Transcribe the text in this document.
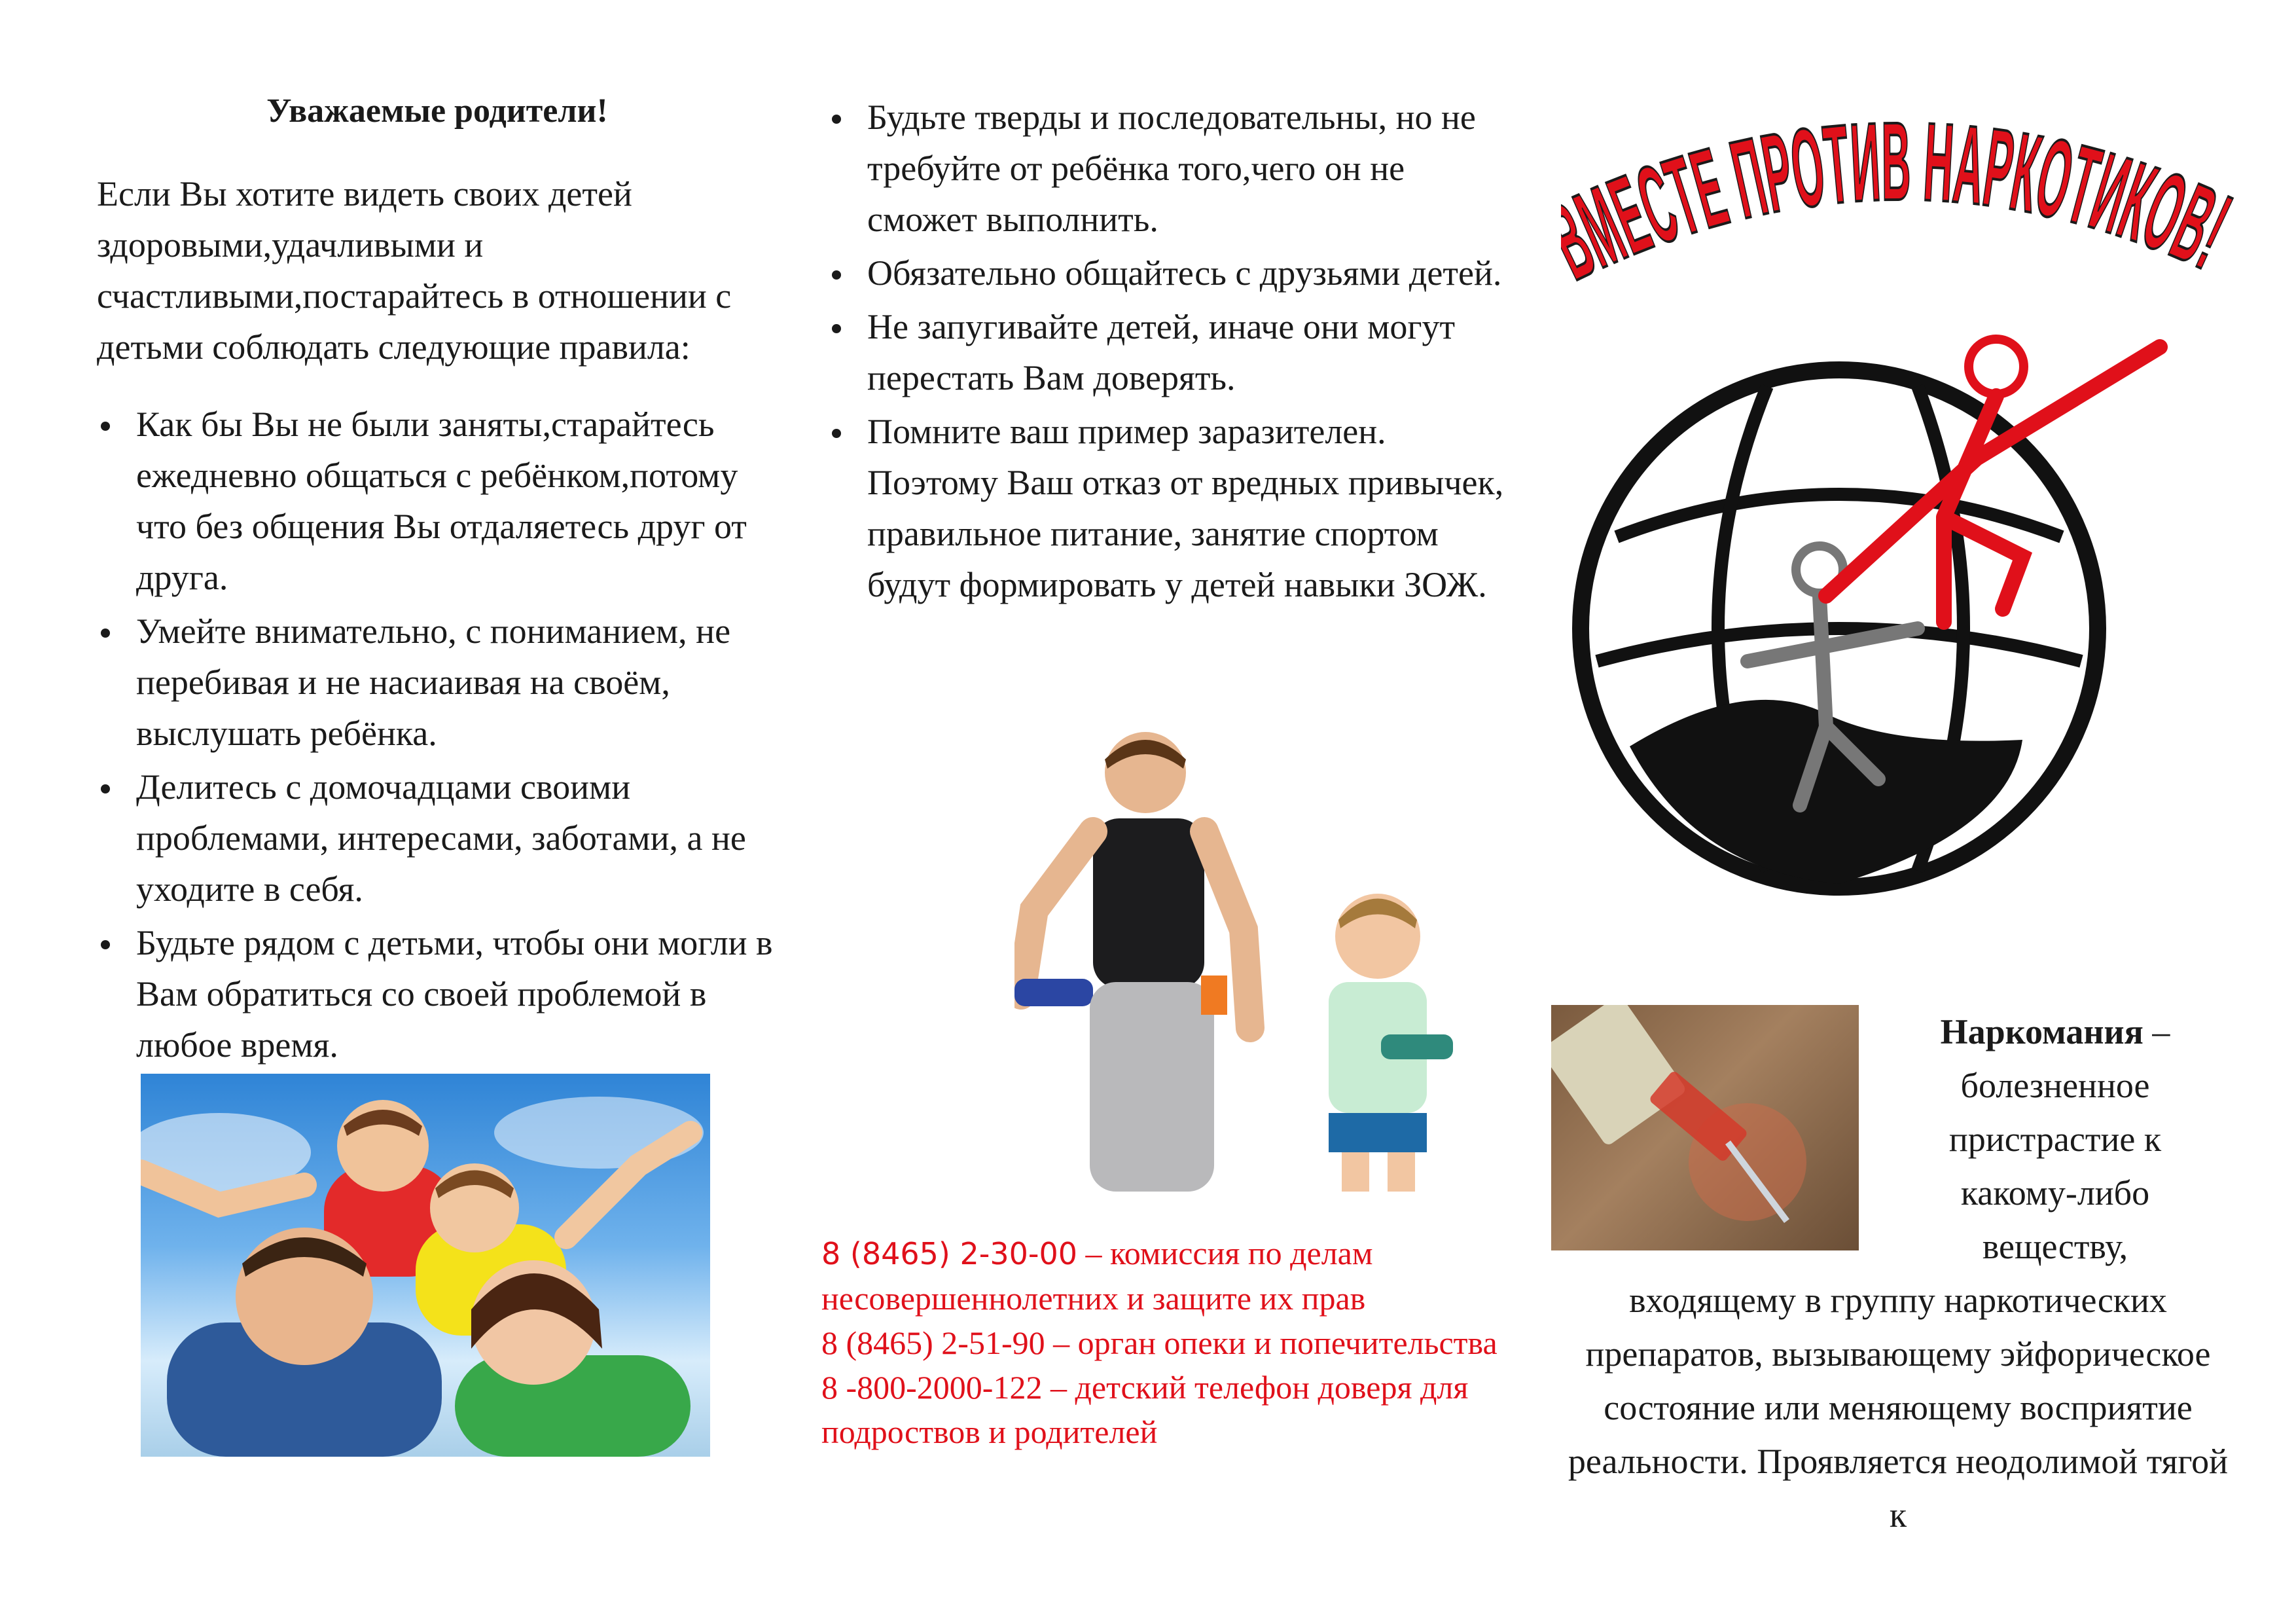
Уважаемые родители!

Если Вы хотите видеть своих детей здоровыми,удачливыми и счастливыми,постарайтесь в отношении с детьми соблюдать следующие правила:

Как бы Вы не были заняты,старайтесь ежедневно общаться с ребёнком,потому что без общения Вы отдаляетесь друг от друга.
Умейте внимательно, с пониманием, не перебивая и не насиаивая на своём, выслушать ребёнка.
Делитесь с домочадцами своими проблемами, интересами, заботами, а не уходите в себя.
Будьте рядом с детьми, чтобы они могли в Вам обратиться со своей проблемой в любое время.
Будьте тверды и последовательны, но не требуйте от ребёнка того,чего он не сможет выполнить.
Обязательно общайтесь с друзьями детей.
Не запугивайте детей, иначе они могут перестать Вам доверять.
Помните ваш пример заразителен. Поэтому Ваш отказ от вредных привычек, правильное питание, занятие спортом будут формировать у детей навыки ЗОЖ.

8 (8465) 2-30-00 – комиссия по делам несовершеннолетних и защите их прав

8 (8465) 2-51-90 – орган опеки и попечительства

8 -800-2000-122 – детский телефон доверя для подроствов и родителей

МЕСТЕ ПРОТИВ НАРКОТИКО
Наркомания –
болезненное пристрастие к какому-либо веществу,
входящему в группу наркотических препаратов, вызывающему эйфорическое состояние или меняющему восприятие реальности. Проявляется неодолимой тягой к
